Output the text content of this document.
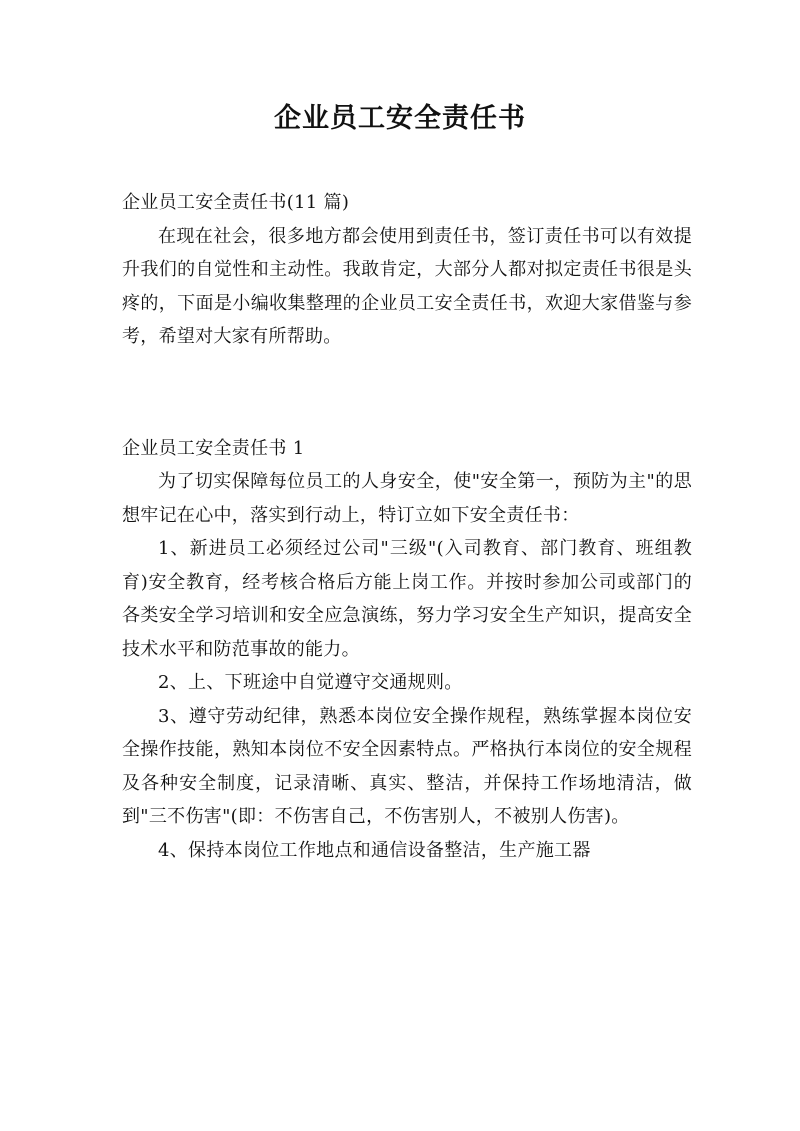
企业员工安全责任书

企业员工安全责任书(11 篇)

在现在社会，很多地方都会使用到责任书，签订责任书可以有效提升我们的自觉性和主动性。我敢肯定，大部分人都对拟定责任书很是头疼的，下面是小编收集整理的企业员工安全责任书，欢迎大家借鉴与参考，希望对大家有所帮助。

企业员工安全责任书 1

为了切实保障每位员工的人身安全，使"安全第一，预防为主"的思想牢记在心中，落实到行动上，特订立如下安全责任书：

1、新进员工必须经过公司"三级"(入司教育、部门教育、班组教育)安全教育，经考核合格后方能上岗工作。并按时参加公司或部门的各类安全学习培训和安全应急演练，努力学习安全生产知识，提高安全技术水平和防范事故的能力。

2、上、下班途中自觉遵守交通规则。

3、遵守劳动纪律，熟悉本岗位安全操作规程，熟练掌握本岗位安全操作技能，熟知本岗位不安全因素特点。严格执行本岗位的安全规程及各种安全制度，记录清晰、真实、整洁，并保持工作场地清洁，做到"三不伤害"(即：不伤害自己，不伤害别人，不被别人伤害)。

4、保持本岗位工作地点和通信设备整洁，生产施工器
